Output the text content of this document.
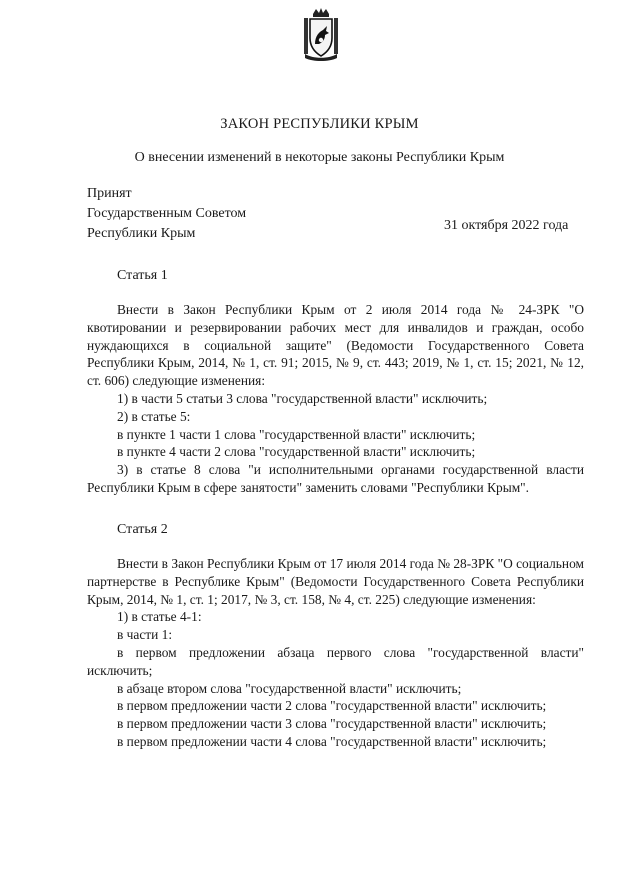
ЗАКОН РЕСПУБЛИКИ КРЫМ
О внесении изменений в некоторые законы Республики Крым
Принят
Государственным Советом
Республики Крым
31 октября 2022 года
Статья 1

Внести в Закон Республики Крым от 2 июля 2014 года № 24-ЗРК "О квотировании и резервировании рабочих мест для инвалидов и граждан, особо нуждающихся в социальной защите" (Ведомости Государственного Совета Республики Крым, 2014, № 1, ст. 91; 2015, № 9, ст. 443; 2019, № 1, ст. 15; 2021, № 12, ст. 606) следующие изменения:

1) в части 5 статьи 3 слова "государственной власти" исключить;

2) в статье 5:

в пункте 1 части 1 слова "государственной власти" исключить;

в пункте 4 части 2 слова "государственной власти" исключить;

3) в статье 8 слова "и исполнительными органами государственной власти Республики Крым в сфере занятости" заменить словами "Республики Крым".

Статья 2

Внести в Закон Республики Крым от 17 июля 2014 года № 28-ЗРК "О социальном партнерстве в Республике Крым" (Ведомости Государственного Совета Республики Крым, 2014, № 1, ст. 1; 2017, № 3, ст. 158, № 4, ст. 225) следующие изменения:

1) в статье 4-1:

в части 1:

в первом предложении абзаца первого слова "государственной власти" исключить;

в абзаце втором слова "государственной власти" исключить;

в первом предложении части 2 слова "государственной власти" исключить;

в первом предложении части 3 слова "государственной власти" исключить;

в первом предложении части 4 слова "государственной власти" исключить;
